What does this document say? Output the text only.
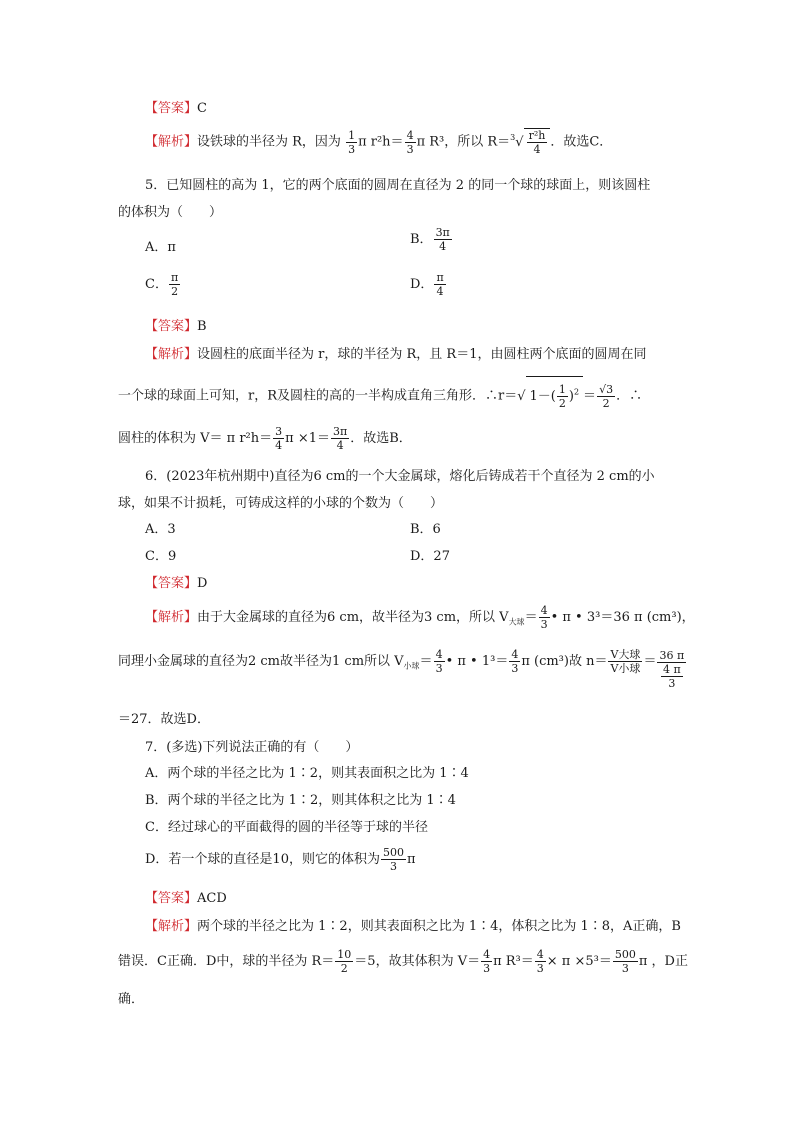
【答案】C
【解析】设铁球的半径为 R，因为 $\frac{1}{3}$ π $r^2h= \frac{4}{3}$ π R³，所以 $R=^3√ \frac{\text{r²h}}{4}$ ．故选C．
5．已知圆柱的高为 1，它的两个底面的圆周在直径为 2 的同一个球的球面上，则该圆柱
的体积为（　　）
A．π
B． $\frac{3\pi}{4}$
C． $\frac{\pi}{2}$	D． $\frac{\pi}{4}$
【答案】B
【解析】设圆柱的底面半径为 r，球的半径为 R，且 R＝1，由圆柱两个底面的圆周在同
一个球的球面上可知，r，R及圆柱的高的一半构成直角三角形．∴r＝√ $1-( \frac{1}{2} )^2 = \frac{√3}{2}$ ．∴
圆柱的体积为 V＝ π $r^2h= \frac{3}{4}$ $\pi \times 1= \frac{3\pi}{4}$ ．故选B．
6．(2023年杭州期中)直径为6 cm的一个大金属球，熔化后铸成若干个直径为 2 cm的小
球，如果不计损耗，可铸成这样的小球的个数为（　　）
A．3	B．6
C．9	D．27
【答案】D
【解析】由于大金属球的直径为6 cm，故半径为3 cm，所以 $V_{大球}= \frac{4}{3}$ • π • 3³＝36 π (cm³)，
同理小金属球的直径为2 cm故半径为1 cm所以 $V_{小球}= \frac{4}{3}$ • π • $1^3= \frac{4}{3}$ π (cm³)故 $n= \frac{\text{V大球}}{\text{V小球}} = \frac{36 \pi}{\frac{4 \pi}{3}}$
＝27．故选D．
7．(多选)下列说法正确的有（　　）
A．两个球的半径之比为 1∶2，则其表面积之比为 1∶4
B．两个球的半径之比为 1∶2，则其体积之比为 1∶4
C．经过球心的平面截得的圆的半径等于球的半径
D．若一个球的直径是10，则它的体积为 $\frac{500}{3}$ π
【答案】ACD
【解析】两个球的半径之比为 1∶2，则其表面积之比为 1∶4，体积之比为 1∶8，A正确，B
错误．C正确．D中，球的半径为 $R= \frac{10}{2} =5$，故其体积为 $V= \frac{4}{3}$ π $R^3= \frac{4}{3} \times \pi \times 5^3= \frac{500}{3}$ π ，D正
确．
